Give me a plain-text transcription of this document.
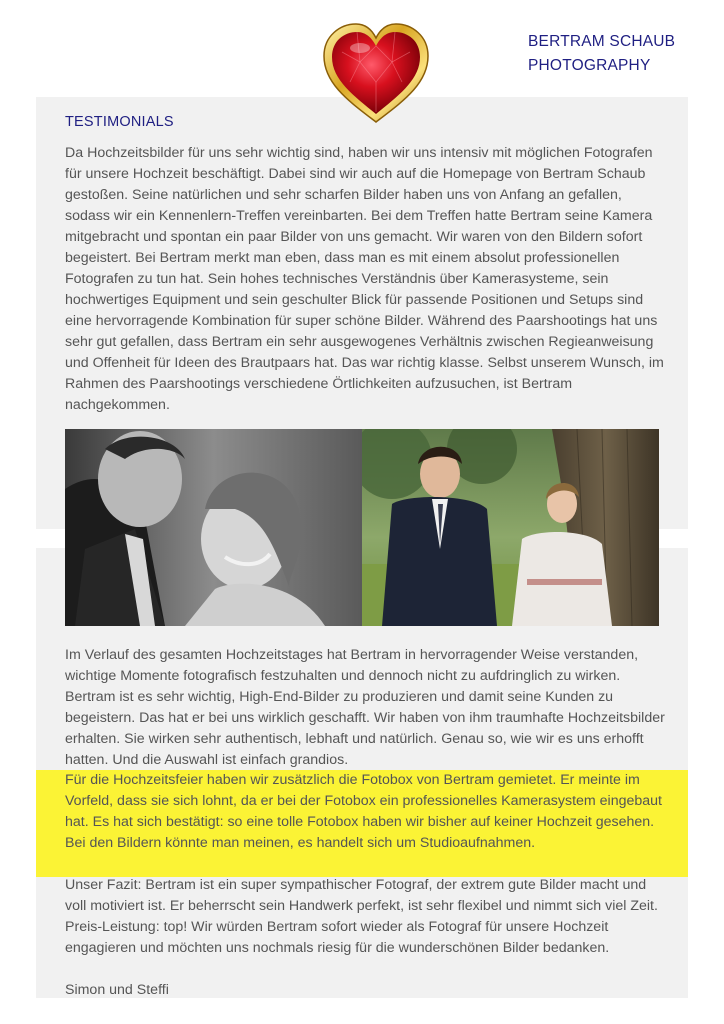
BERTRAM SCHAUB
PHOTOGRAPHY
TESTIMONIALS

Da Hochzeitsbilder für uns sehr wichtig sind, haben wir uns intensiv mit möglichen Fotografen für unsere Hochzeit beschäftigt. Dabei sind wir auch auf die Homepage von Bertram Schaub gestoßen. Seine natürlichen und sehr scharfen Bilder haben uns von Anfang an gefallen, sodass wir ein Kennenlern-Treffen vereinbarten. Bei dem Treffen hatte Bertram seine Kamera mitgebracht und spontan ein paar Bilder von uns gemacht. Wir waren von den Bildern sofort begeistert. Bei Bertram merkt man eben, dass man es mit einem absolut professionellen Fotografen zu tun hat. Sein hohes technisches Verständnis über Kamerasysteme, sein hochwertiges Equipment und sein geschulter Blick für passende Positionen und Setups sind eine hervorragende Kombination für super schöne Bilder. Während des Paarshootings hat uns sehr gut gefallen, dass Bertram ein sehr ausgewogenes Verhältnis zwischen Regieanweisung und Offenheit für Ideen des Brautpaars hat. Das war richtig klasse. Selbst unserem Wunsch, im Rahmen des Paarshootings verschiedene Örtlichkeiten aufzusuchen, ist Bertram nachgekommen.

Im Verlauf des gesamten Hochzeitstages hat Bertram in hervorragender Weise verstanden, wichtige Momente fotografisch festzuhalten und dennoch nicht zu aufdringlich zu wirken. Bertram ist es sehr wichtig, High-End-Bilder zu produzieren und damit seine Kunden zu begeistern. Das hat er bei uns wirklich geschafft. Wir haben von ihm traumhafte Hochzeitsbilder erhalten. Sie wirken sehr authentisch, lebhaft und natürlich. Genau so, wie wir es uns erhofft hatten. Und die Auswahl ist einfach grandios.

Für die Hochzeitsfeier haben wir zusätzlich die Fotobox von Bertram gemietet. Er meinte im Vorfeld, dass sie sich lohnt, da er bei der Fotobox ein professionelles Kamerasystem eingebaut hat. Es hat sich bestätigt: so eine tolle Fotobox haben wir bisher auf keiner Hochzeit gesehen. Bei den Bildern könnte man meinen, es handelt sich um Studioaufnahmen.

Unser Fazit: Bertram ist ein super sympathischer Fotograf, der extrem gute Bilder macht und voll motiviert ist. Er beherrscht sein Handwerk perfekt, ist sehr flexibel und nimmt sich viel Zeit. Preis-Leistung: top! Wir würden Bertram sofort wieder als Fotograf für unsere Hochzeit engagieren und möchten uns nochmals riesig für die wunderschönen Bilder bedanken.

Simon und Steffi
